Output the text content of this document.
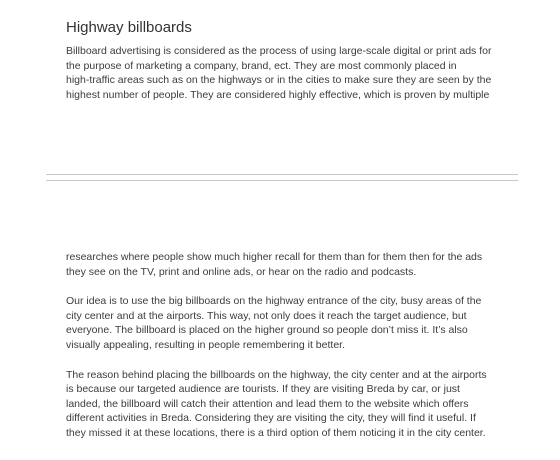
Highway billboards

Billboard advertising is considered as the process of using large-scale digital or print ads for
the purpose of marketing a company, brand, ect. They are most commonly placed in
high-traffic areas such as on the highways or in the cities to make sure they are seen by the
highest number of people. They are considered highly effective, which is proven by multiple

researches where people show much higher recall for them than for them then for the ads
they see on the TV, print and online ads, or hear on the radio and podcasts.

Our idea is to use the big billboards on the highway entrance of the city, busy areas of the
city center and at the airports. This way, not only does it reach the target audience, but
everyone. The billboard is placed on the higher ground so people don’t miss it. It’s also
visually appealing, resulting in people remembering it better.

The reason behind placing the billboards on the highway, the city center and at the airports
is because our targeted audience are tourists. If they are visiting Breda by car, or just
landed, the billboard will catch their attention and lead them to the website which offers
different activities in Breda. Considering they are visiting the city, they will find it useful. If
they missed it at these locations, there is a third option of them noticing it in the city center.
